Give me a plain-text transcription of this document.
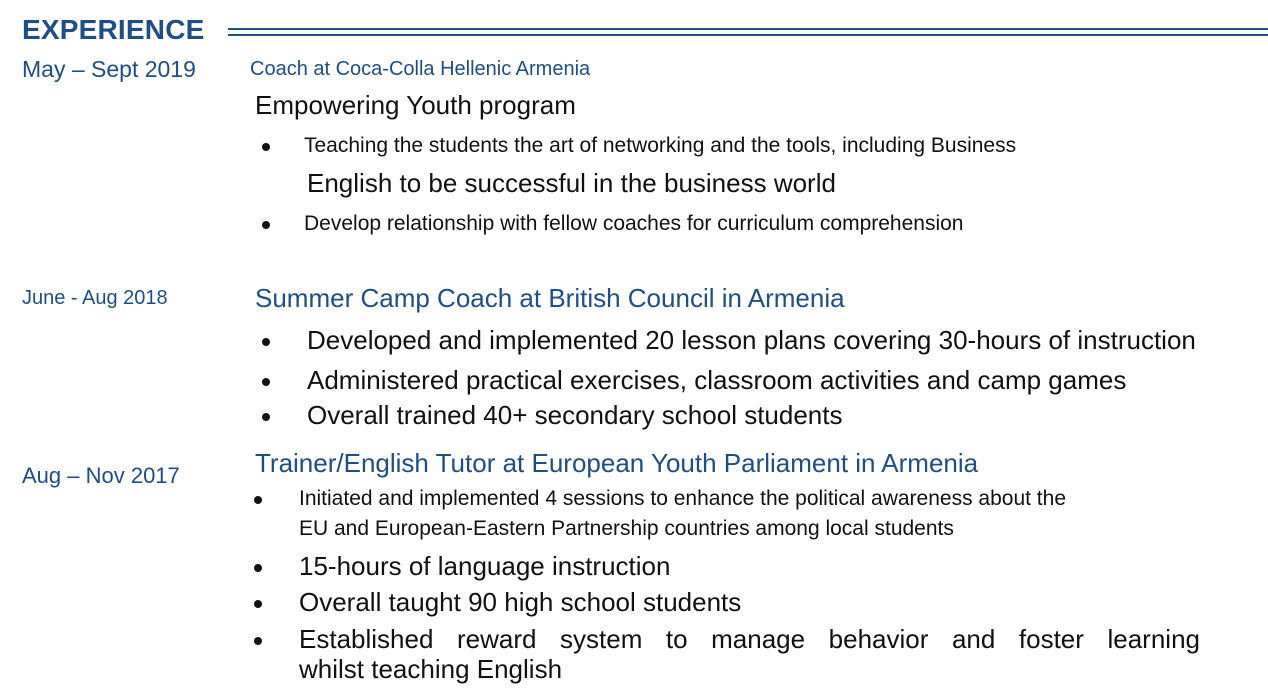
EXPERIENCE
May – Sept 2019	Coach at Coca-Colla Hellenic Armenia
Empowering Youth program
Teaching the students the art of networking and the tools, including Business
English to be successful in the business world
Develop relationship with fellow coaches for curriculum comprehension
June - Aug 2018	Summer Camp Coach at British Council in Armenia
Developed and implemented 20 lesson plans covering 30-hours of instruction
Administered practical exercises, classroom activities and camp games
Overall trained 40+ secondary school students
Aug – Nov 2017	Trainer/English Tutor at European Youth Parliament in Armenia
Initiated and implemented 4 sessions to enhance the political awareness about the
EU and European-Eastern Partnership countries among local students
15-hours of language instruction
Overall taught 90 high school students
Established reward system to manage behavior and foster learning
whilst teaching English
